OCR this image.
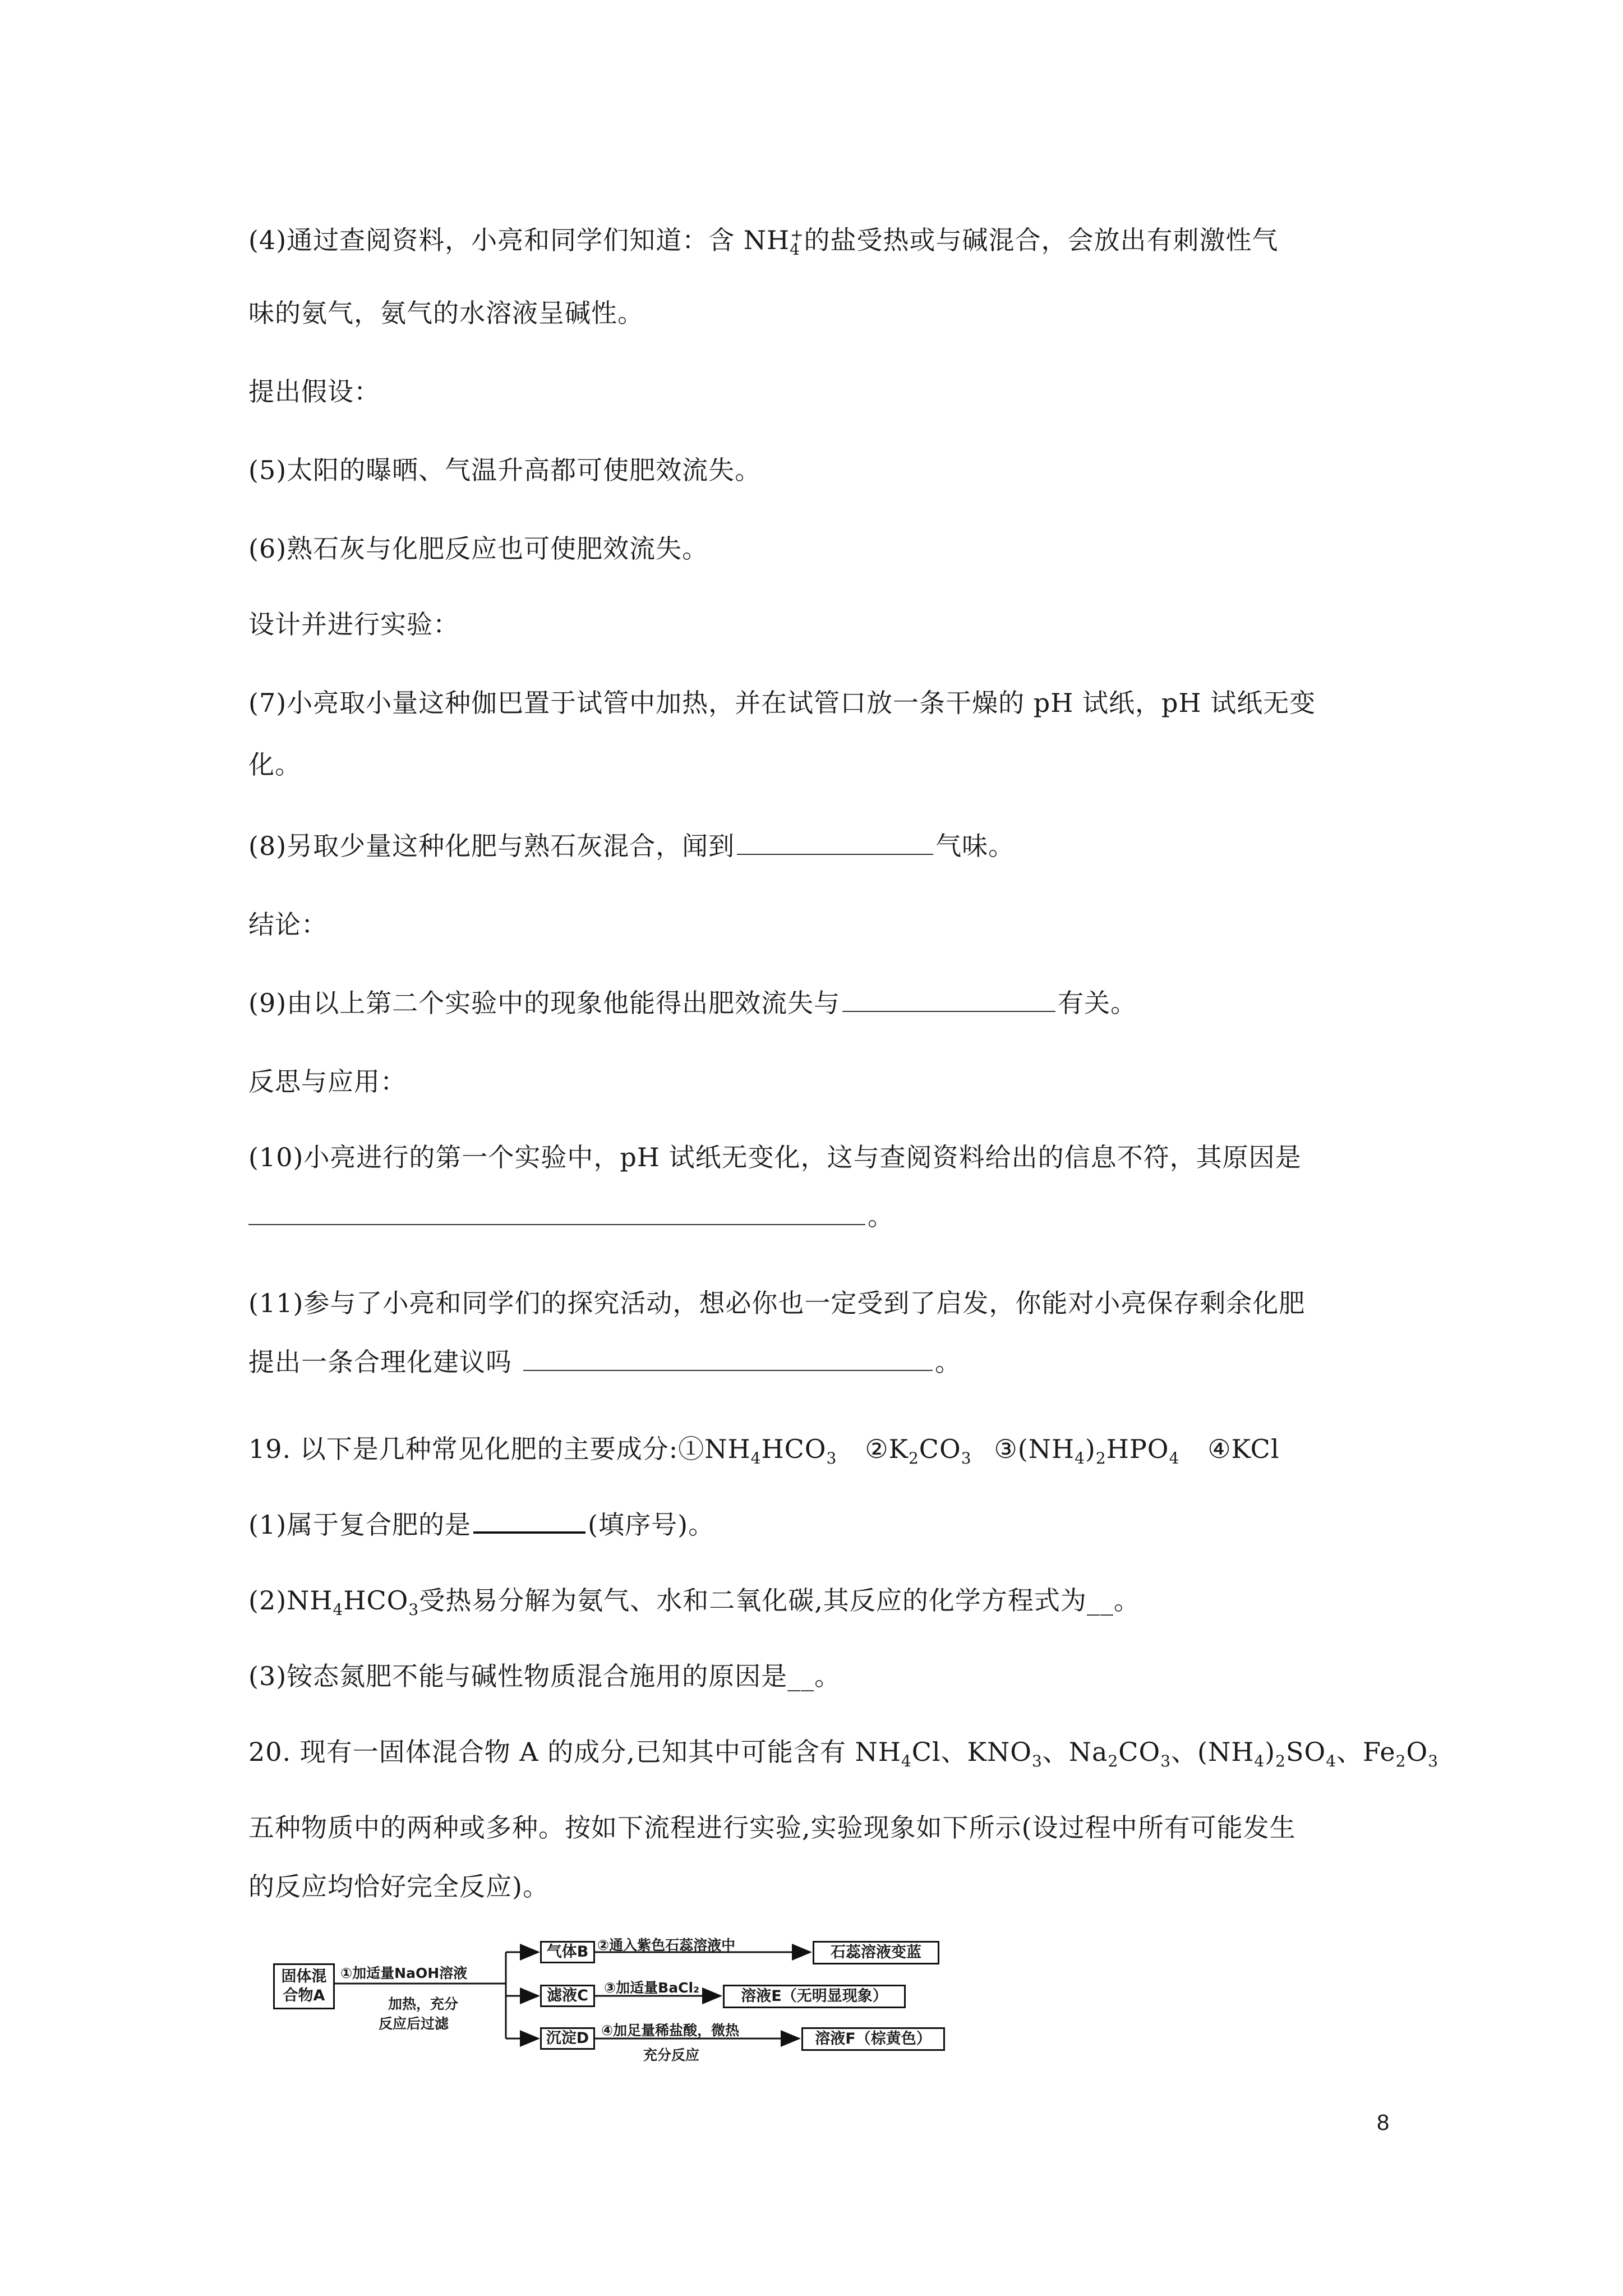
(4)通过查阅资料，小亮和同学们知道：含 $NH_4^+$的盐受热或与碱混合，会放出有刺激性气
味的氨气，氨气的水溶液呈碱性。
提出假设：
(5)太阳的曝晒、气温升高都可使肥效流失。
(6)熟石灰与化肥反应也可使肥效流失。
设计并进行实验：
(7)小亮取小量这种伽巴置于试管中加热，并在试管口放一条干燥的 pH 试纸，pH 试纸无变
化。
(8)另取少量这种化肥与熟石灰混合，闻到	气味。
结论：
(9)由以上第二个实验中的现象他能得出肥效流失与	有关。
反思与应用：
(10)小亮进行的第一个实验中，pH 试纸无变化，这与查阅资料给出的信息不符，其原因是
。
(11)参与了小亮和同学们的探究活动，想必你也一定受到了启发，你能对小亮保存剩余化肥
提出一条合理化建议吗	。
19. 以下是几种常见化肥的主要成分$:①NH_4HCO_3$ $②K_2CO_3$ $③(NH_4)_2HPO_4$ ④KCl
(1)属于复合肥的是	(填序号)。
$(2)NH_4HCO_3$受热易分解为氨气、水和二氧化碳,其反应的化学方程式为__。
(3)铵态氮肥不能与碱性物质混合施用的原因是__。
20. 现有一固体混合物 A 的成分,已知其中可能含有 $NH_4Cl$、$KNO_3$、$Na_2CO_3$、$(NH_4)_2SO_4$、$Fe_2O_3$
五种物质中的两种或多种。按如下流程进行实验,实验现象如下所示(设过程中所有可能发生
的反应均恰好完全反应)。
固体混合物A
①加适量NaOH溶液
加热，充分
反应后过滤
气体B
滤液C
沉淀D
②通入紫色石蕊溶液中
③加适量BaCl₂
④加足量稀盐酸，微热
充分反应
石蕊溶液变蓝
溶液E（无明显现象）
溶液F（棕黄色）
8
